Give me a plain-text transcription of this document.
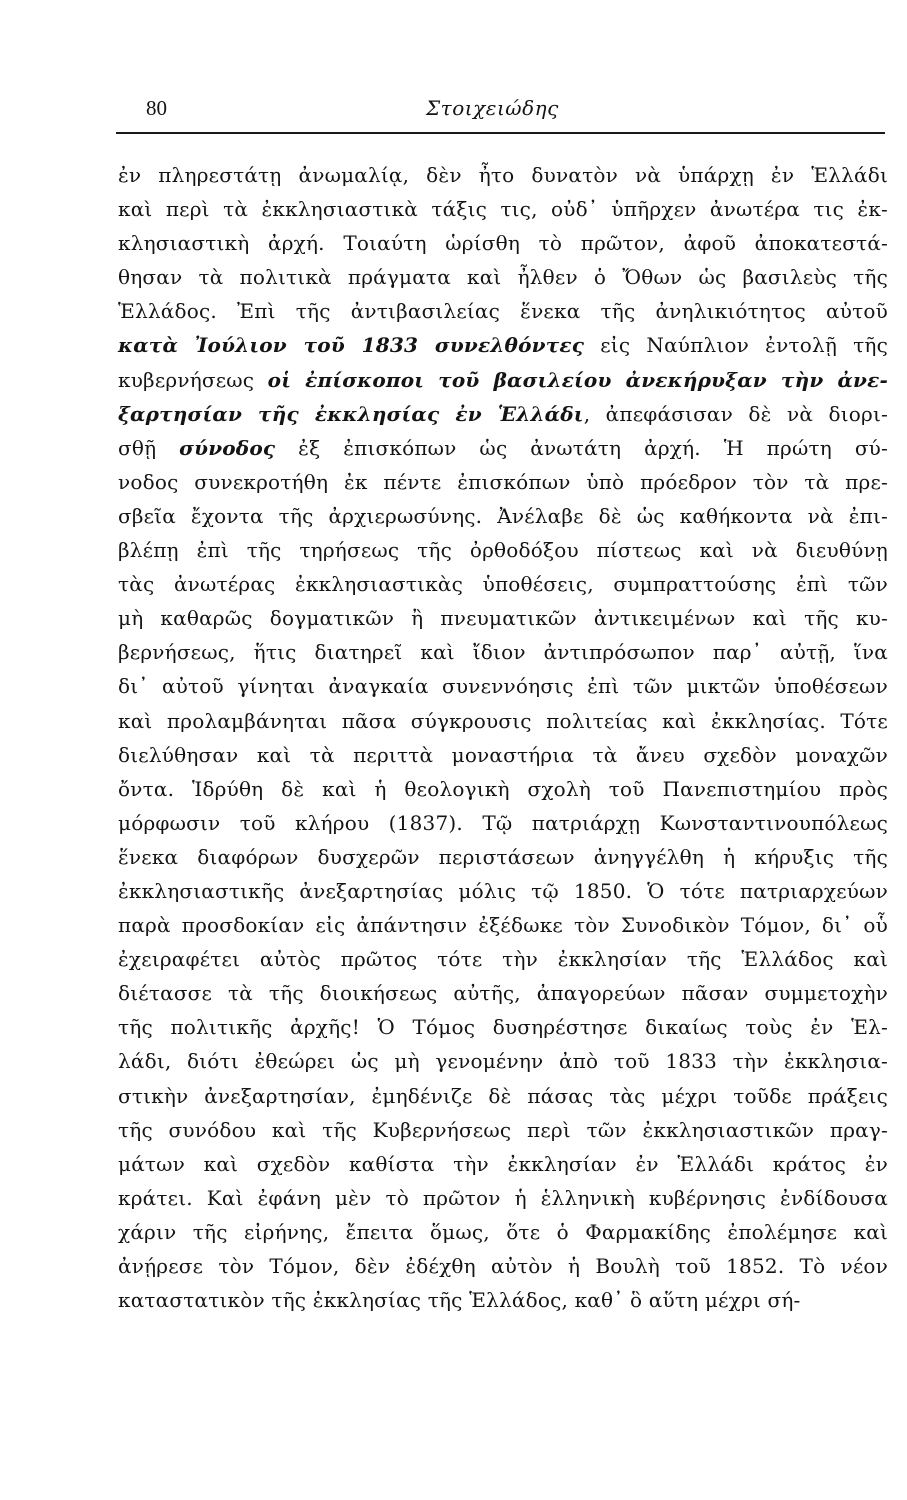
80	Στοιχειώδης
ἐν πληρεστάτῃ ἀνωμαλίᾳ, δὲν ἦτο δυνατὸν νὰ ὑπάρχῃ ἐν Ἑλλάδι
καὶ περὶ τὰ ἐκκλησιαστικὰ τάξις τις, οὐδ᾽ ὑπῆρχεν ἀνωτέρα τις ἐκ-
κλησιαστικὴ ἀρχή. Τοιαύτη ὡρίσθη τὸ πρῶτον, ἀφοῦ ἀποκατεστά-
θησαν τὰ πολιτικὰ πράγματα καὶ ἦλθεν ὁ Ὄθων ὡς βασιλεὺς τῆς
Ἑλλάδος. Ἐπὶ τῆς ἀντιβασιλείας ἕνεκα τῆς ἀνηλικιότητος αὐτοῦ
κατὰ Ἰούλιον τοῦ 1833 συνελθόντες εἰς Ναύπλιον ἐντολῇ τῆς
κυβερνήσεως οἱ ἐπίσκοποι τοῦ βασιλείου ἀνεκήρυξαν τὴν ἀνε-
ξαρτησίαν τῆς ἐκκλησίας ἐν Ἑλλάδι, ἀπεφάσισαν δὲ νὰ διορι-
σθῇ σύνοδος ἐξ ἐπισκόπων ὡς ἀνωτάτη ἀρχή. Ἡ πρώτη σύ-
νοδος συνεκροτήθη ἐκ πέντε ἐπισκόπων ὑπὸ πρόεδρον τὸν τὰ πρε-
σβεῖα ἔχοντα τῆς ἀρχιερωσύνης. Ἀνέλαβε δὲ ὡς καθήκοντα νὰ ἐπι-
βλέπῃ ἐπὶ τῆς τηρήσεως τῆς ὀρθοδόξου πίστεως καὶ νὰ διευθύνῃ
τὰς ἀνωτέρας ἐκκλησιαστικὰς ὑποθέσεις, συμπραττούσης ἐπὶ τῶν
μὴ καθαρῶς δογματικῶν ἢ πνευματικῶν ἀντικειμένων καὶ τῆς κυ-
βερνήσεως, ἥτις διατηρεῖ καὶ ἴδιον ἀντιπρόσωπον παρ᾽ αὐτῇ, ἵνα
δι᾽ αὐτοῦ γίνηται ἀναγκαία συνεννόησις ἐπὶ τῶν μικτῶν ὑποθέσεων
καὶ προλαμβάνηται πᾶσα σύγκρουσις πολιτείας καὶ ἐκκλησίας. Τότε
διελύθησαν καὶ τὰ περιττὰ μοναστήρια τὰ ἄνευ σχεδὸν μοναχῶν
ὄντα. Ἱδρύθη δὲ καὶ ἡ θεολογικὴ σχολὴ τοῦ Πανεπιστημίου πρὸς
μόρφωσιν τοῦ κλήρου (1837). Τῷ πατριάρχῃ Κωνσταντινουπόλεως
ἕνεκα διαφόρων δυσχερῶν περιστάσεων ἀνηγγέλθη ἡ κήρυξις τῆς
ἐκκλησιαστικῆς ἀνεξαρτησίας μόλις τῷ 1850. Ὁ τότε πατριαρχεύων
παρὰ προσδοκίαν εἰς ἀπάντησιν ἐξέδωκε τὸν Συνοδικὸν Τόμον, δι᾽ οὗ
ἐχειραφέτει αὐτὸς πρῶτος τότε τὴν ἐκκλησίαν τῆς Ἑλλάδος καὶ
διέτασσε τὰ τῆς διοικήσεως αὐτῆς, ἀπαγορεύων πᾶσαν συμμετοχὴν
τῆς πολιτικῆς ἀρχῆς! Ὁ Τόμος δυσηρέστησε δικαίως τοὺς ἐν Ἑλ-
λάδι, διότι ἐθεώρει ὡς μὴ γενομένην ἀπὸ τοῦ 1833 τὴν ἐκκλησια-
στικὴν ἀνεξαρτησίαν, ἐμηδένιζε δὲ πάσας τὰς μέχρι τοῦδε πράξεις
τῆς συνόδου καὶ τῆς Κυβερνήσεως περὶ τῶν ἐκκλησιαστικῶν πραγ-
μάτων καὶ σχεδὸν καθίστα τὴν ἐκκλησίαν ἐν Ἑλλάδι κράτος ἐν
κράτει. Καὶ ἐφάνη μὲν τὸ πρῶτον ἡ ἑλληνικὴ κυβέρνησις ἐνδίδουσα
χάριν τῆς εἰρήνης, ἔπειτα ὅμως, ὅτε ὁ Φαρμακίδης ἐπολέμησε καὶ
ἀνῄρεσε τὸν Τόμον, δὲν ἐδέχθη αὐτὸν ἡ Βουλὴ τοῦ 1852. Τὸ νέον
καταστατικὸν τῆς ἐκκλησίας τῆς Ἑλλάδος, καθ᾽ ὃ αὕτη μέχρι σή-
